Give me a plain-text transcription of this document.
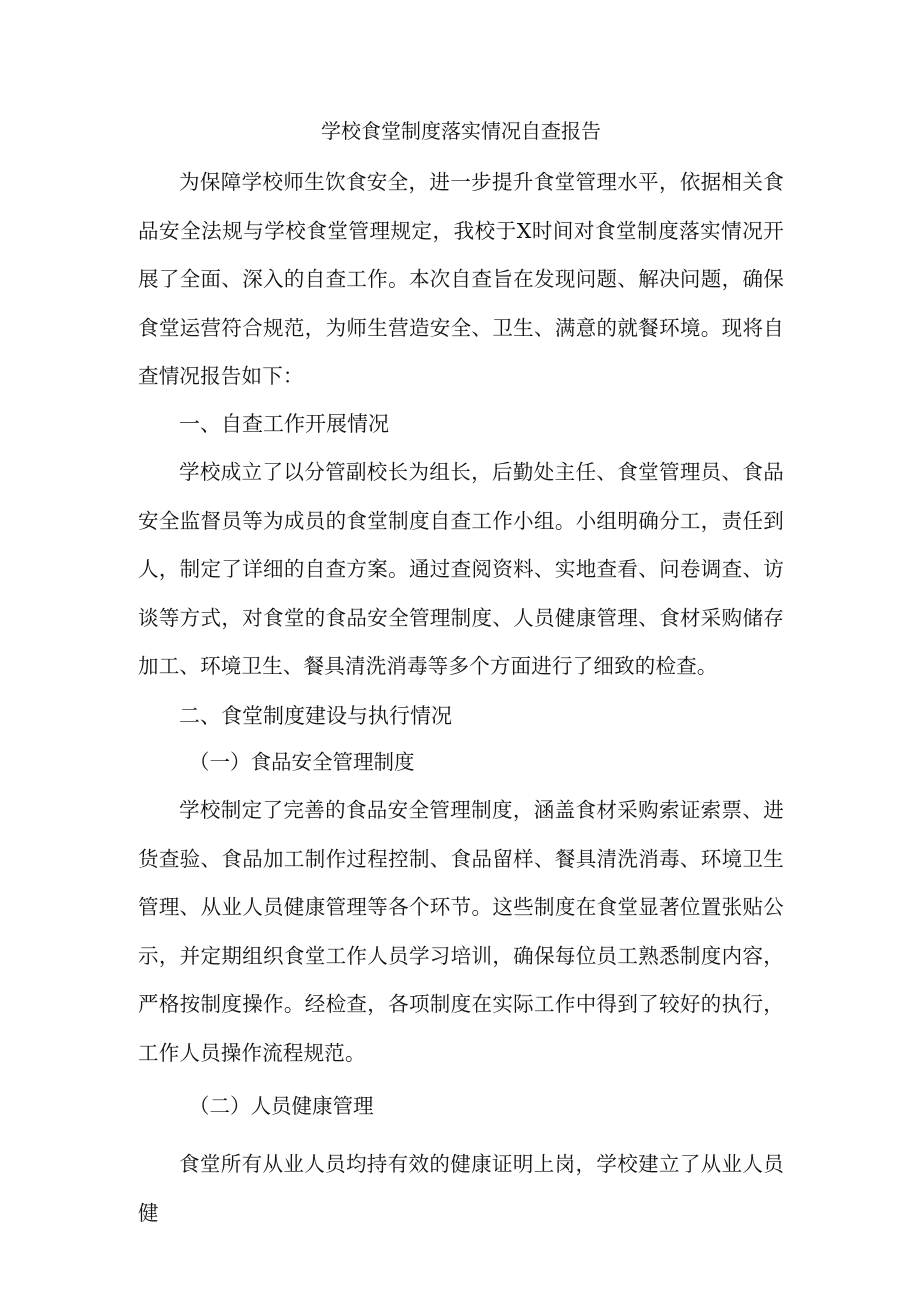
学校食堂制度落实情况自查报告

为保障学校师生饮食安全，进一步提升食堂管理水平，依据相关食品安全法规与学校食堂管理规定，我校于X时间对食堂制度落实情况开展了全面、深入的自查工作。本次自查旨在发现问题、解决问题，确保食堂运营符合规范，为师生营造安全、卫生、满意的就餐环境。现将自查情况报告如下：

一、自查工作开展情况

学校成立了以分管副校长为组长，后勤处主任、食堂管理员、食品安全监督员等为成员的食堂制度自查工作小组。小组明确分工，责任到人，制定了详细的自查方案。通过查阅资料、实地查看、问卷调查、访谈等方式，对食堂的食品安全管理制度、人员健康管理、食材采购储存加工、环境卫生、餐具清洗消毒等多个方面进行了细致的检查。

二、食堂制度建设与执行情况
（一）食品安全管理制度

学校制定了完善的食品安全管理制度，涵盖食材采购索证索票、进货查验、食品加工制作过程控制、食品留样、餐具清洗消毒、环境卫生管理、从业人员健康管理等各个环节。这些制度在食堂显著位置张贴公示，并定期组织食堂工作人员学习培训，确保每位员工熟悉制度内容，严格按制度操作。经检查，各项制度在实际工作中得到了较好的执行，工作人员操作流程规范。

（二）人员健康管理

食堂所有从业人员均持有效的健康证明上岗，学校建立了从业人员健
